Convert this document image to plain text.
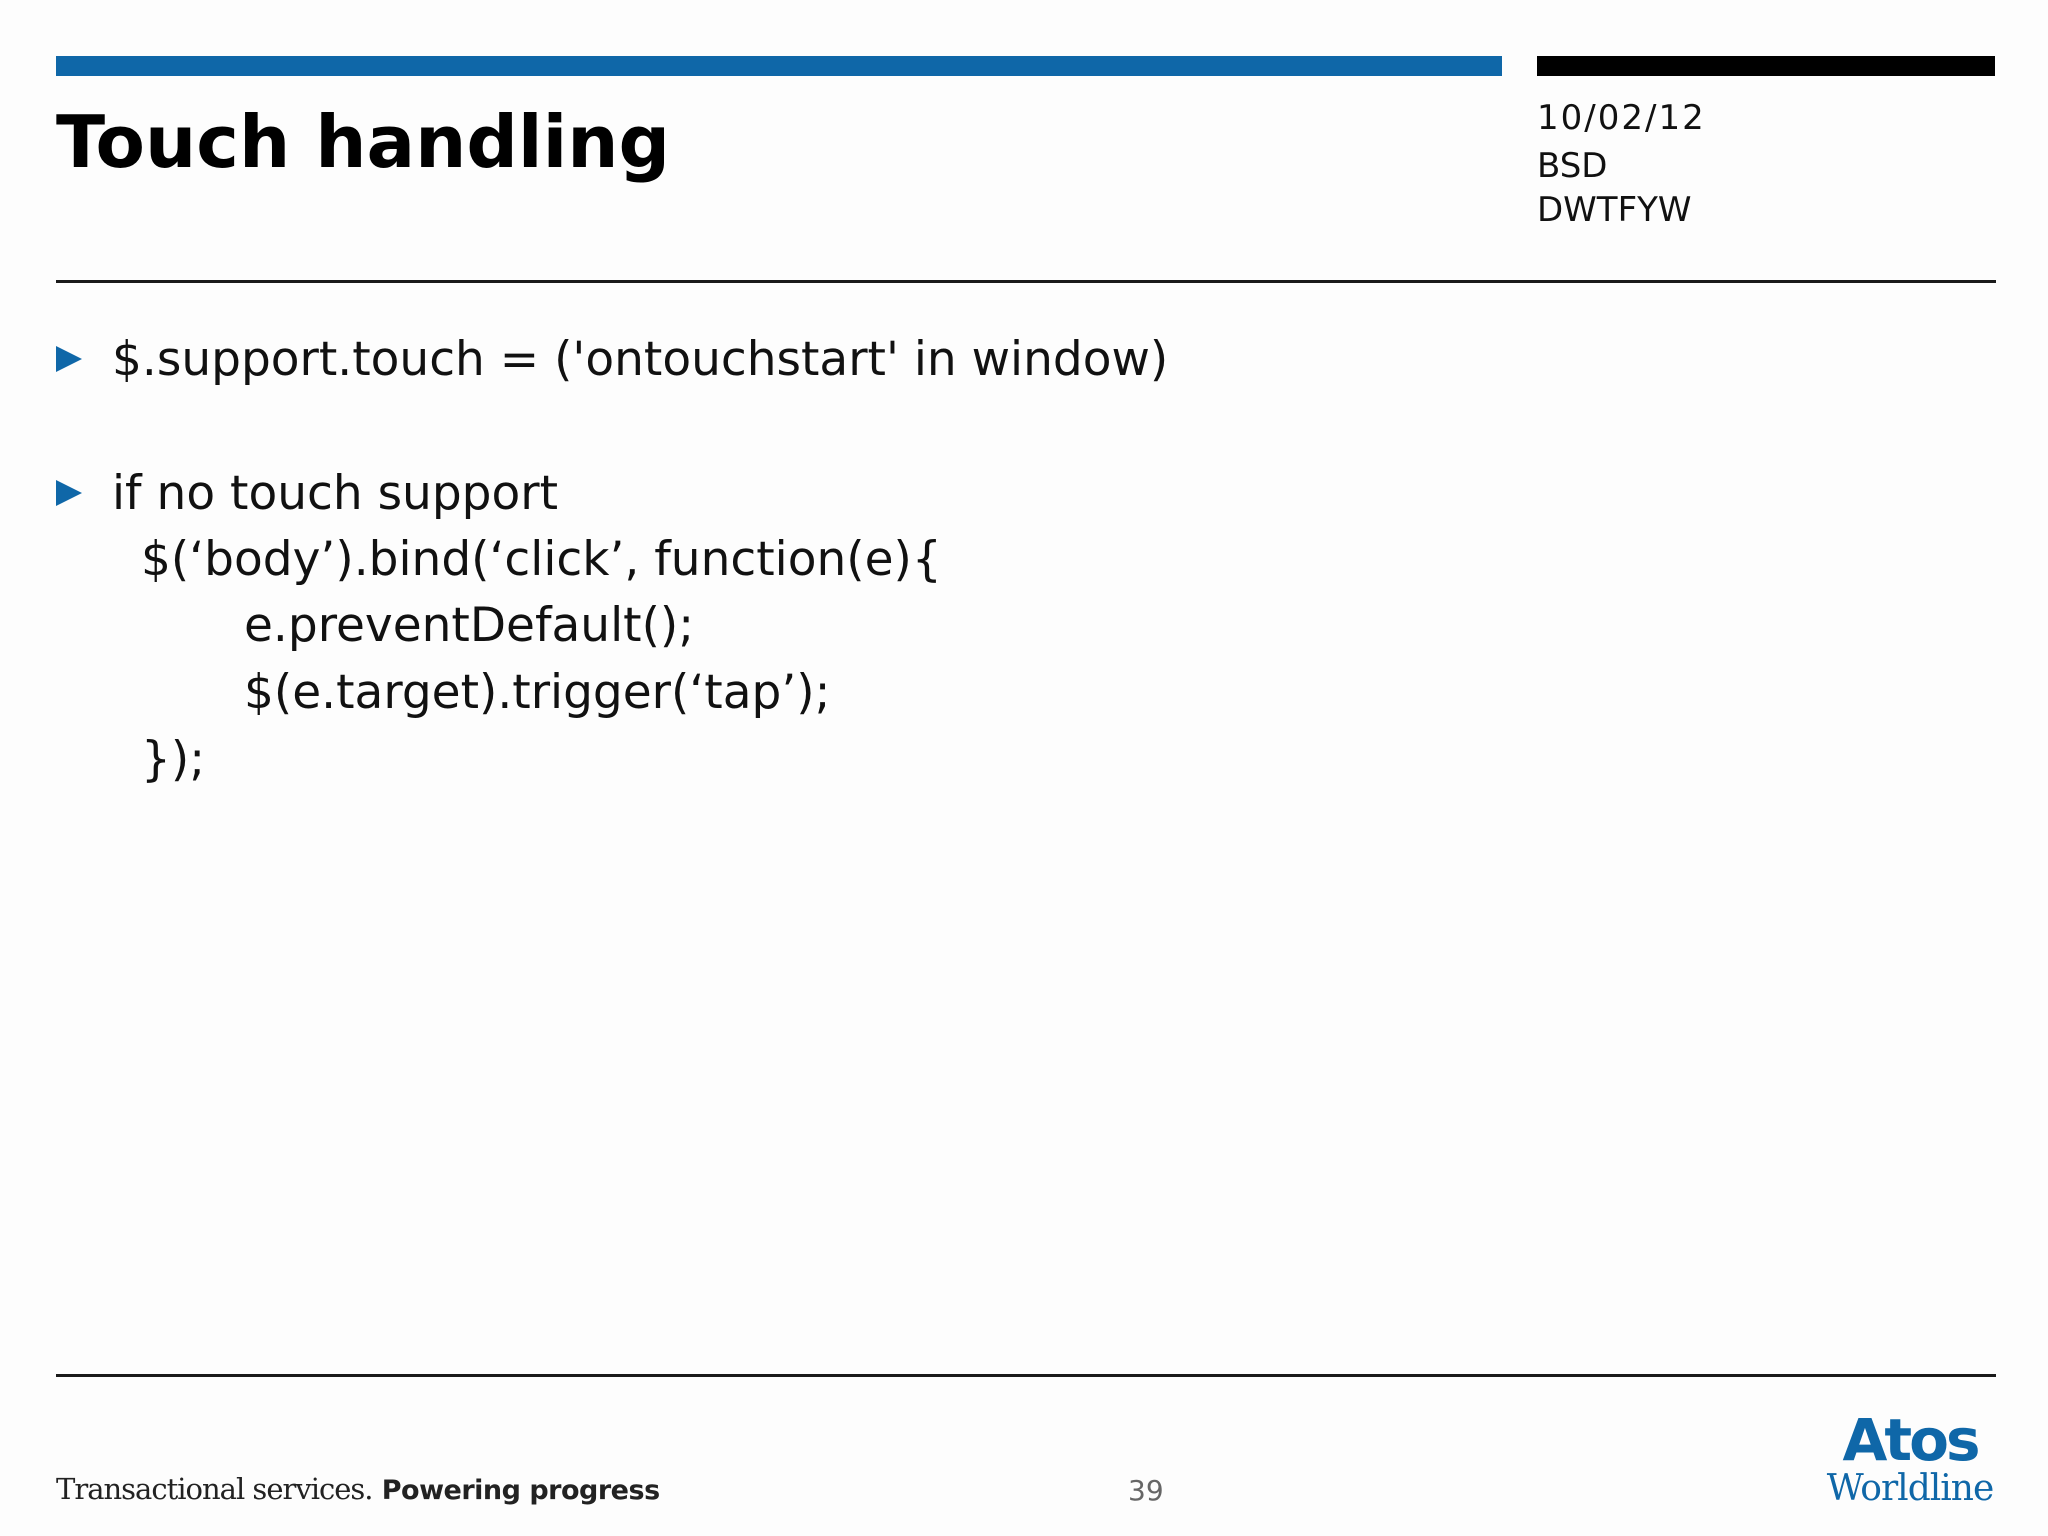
Touch handling	10/02/12
BSD
DWTFYW
$.support.touch = ('ontouchstart' in window)
if no touch support
$(‘body’).bind(‘click’, function(e){
e.preventDefault();
$(e.target).trigger(‘tap’);
});
Transactional services. Powering progress	39
Atos
Worldline
